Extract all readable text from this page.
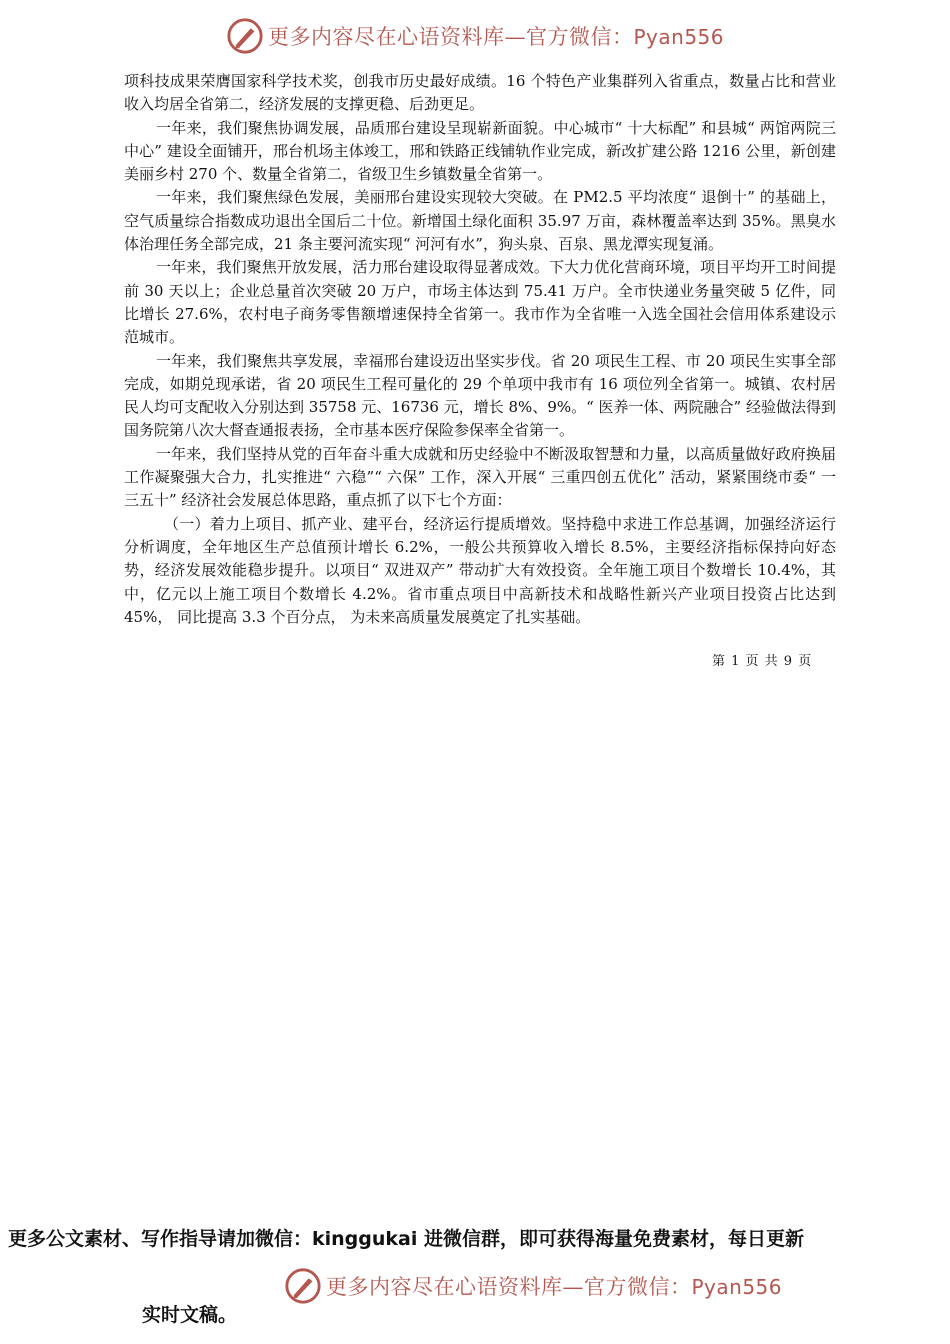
更多内容尽在心语资料库—官方微信：Pyan556

项科技成果荣膺国家科学技术奖，创我市历史最好成绩。16 个特色产业集群列入省重点，数量占比和营业收入均居全省第二，经济发展的支撑更稳、后劲更足。

一年来，我们聚焦协调发展，品质邢台建设呈现崭新面貌。中心城市“ 十大标配” 和县城“ 两馆两院三中心” 建设全面铺开，邢台机场主体竣工，邢和铁路正线铺轨作业完成，新改扩建公路 1216 公里，新创建美丽乡村 270 个、数量全省第二，省级卫生乡镇数量全省第一。

一年来，我们聚焦绿色发展，美丽邢台建设实现较大突破。在 PM2.5 平均浓度“ 退倒十” 的基础上，空气质量综合指数成功退出全国后二十位。新增国土绿化面积 35.97 万亩，森林覆盖率达到 35%。黑臭水体治理任务全部完成，21 条主要河流实现“ 河河有水”，狗头泉、百泉、黑龙潭实现复涌。

一年来，我们聚焦开放发展，活力邢台建设取得显著成效。下大力优化营商环境，项目平均开工时间提前 30 天以上；企业总量首次突破 20 万户，市场主体达到 75.41 万户。全市快递业务量突破 5 亿件，同比增长 27.6%，农村电子商务零售额增速保持全省第一。我市作为全省唯一入选全国社会信用体系建设示范城市。

一年来，我们聚焦共享发展，幸福邢台建设迈出坚实步伐。省 20 项民生工程、市 20 项民生实事全部完成，如期兑现承诺，省 20 项民生工程可量化的 29 个单项中我市有 16 项位列全省第一。城镇、农村居民人均可支配收入分别达到 35758 元、16736 元，增长 8%、9%。“ 医养一体、两院融合” 经验做法得到国务院第八次大督查通报表扬，全市基本医疗保险参保率全省第一。

一年来，我们坚持从党的百年奋斗重大成就和历史经验中不断汲取智慧和力量，以高质量做好政府换届工作凝聚强大合力，扎实推进“ 六稳”“ 六保” 工作，深入开展“ 三重四创五优化” 活动，紧紧围绕市委“ 一三五十” 经济社会发展总体思路，重点抓了以下七个方面：

（一）着力上项目、抓产业、建平台，经济运行提质增效。坚持稳中求进工作总基调，加强经济运行分析调度，全年地区生产总值预计增长 6.2%，一般公共预算收入增长 8.5%，主要经济指标保持向好态势，经济发展效能稳步提升。以项目“ 双进双产” 带动扩大有效投资。全年施工项目个数增长 10.4%，其中，亿元以上施工项目个数增长 4.2%。省市重点项目中高新技术和战略性新兴产业项目投资占比达到 45%， 同比提高 3.3 个百分点， 为未来高质量发展奠定了扎实基础。

第 1 页 共 9 页
更多公文素材、写作指导请加微信：kinggukai 进微信群，即可获得海量免费素材，每日更新
更多内容尽在心语资料库—官方微信：Pyan556
实时文稿。
